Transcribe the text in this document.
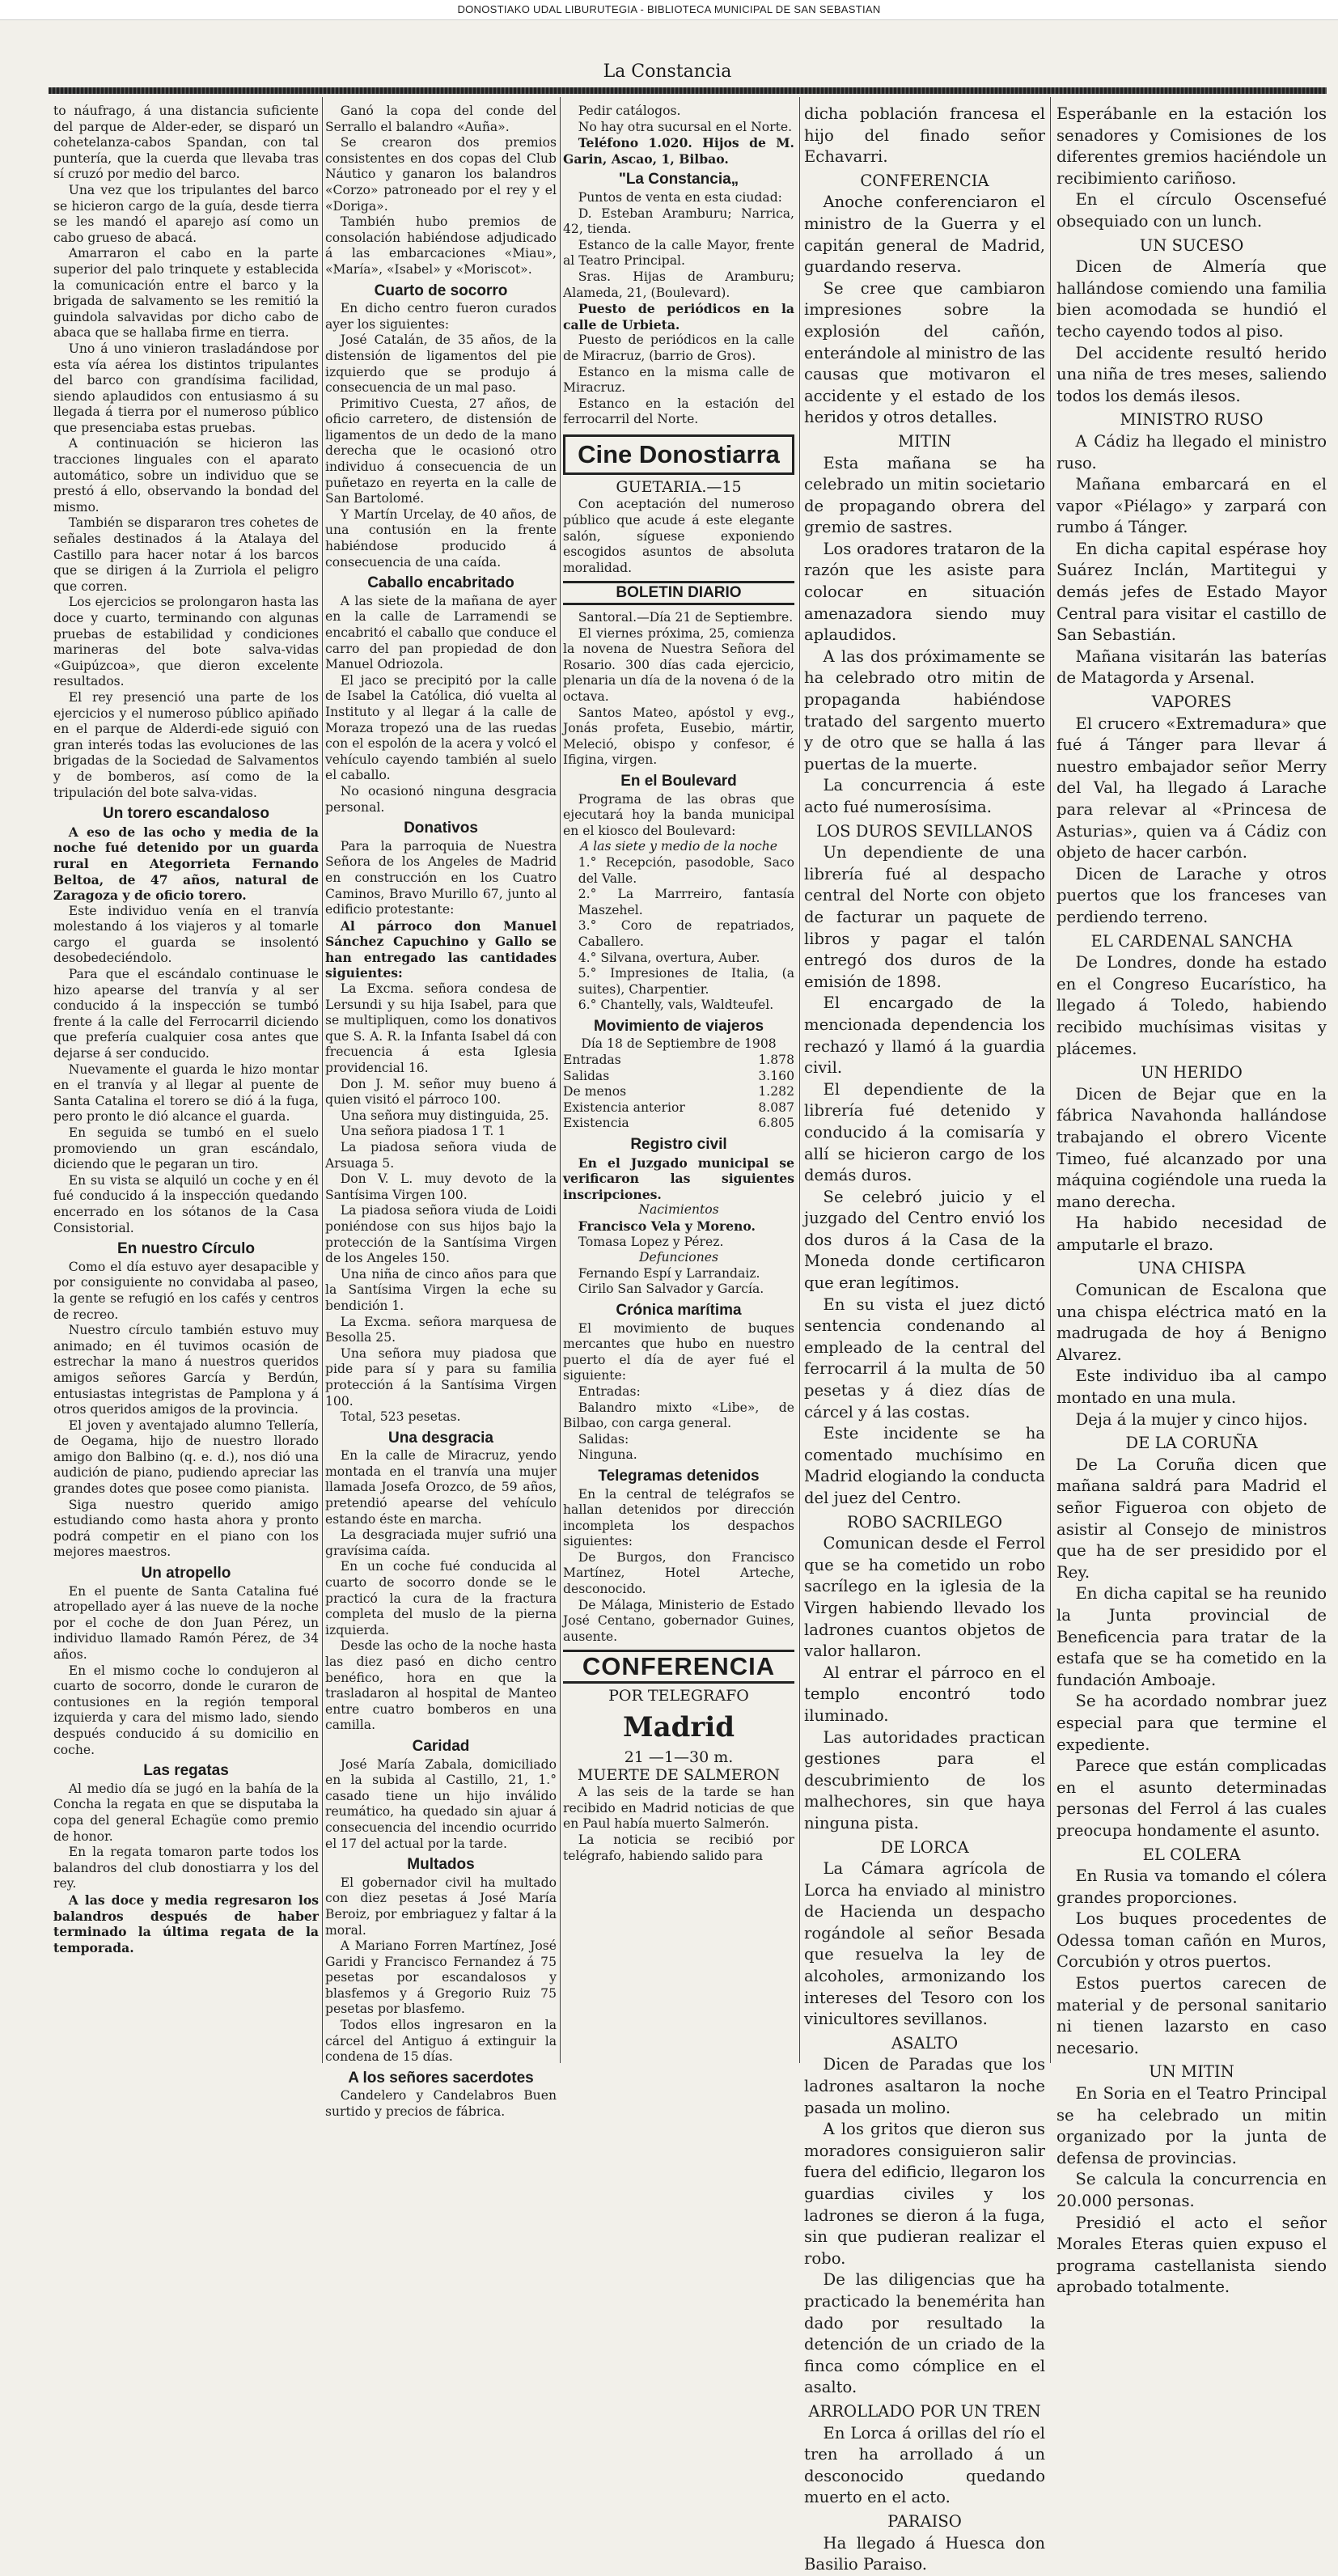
DONOSTIAKO UDAL LIBURUTEGIA - BIBLIOTECA MUNICIPAL DE SAN SEBASTIAN
La Constancia

to náufrago, á una distancia suficiente del parque de Alder-eder, se disparó un cohetelanza-cabos Spandan, con tal puntería, que la cuerda que llevaba tras sí cruzó por medio del barco.

Una vez que los tripulantes del barco se hicieron cargo de la guía, desde tierra se les mandó el aparejo así como un cabo grueso de abacá.

Amarraron el cabo en la parte superior del palo trinquete y establecida la comunicación entre el barco y la brigada de salvamento se les remitió la guindola salvavidas por dicho cabo de abaca que se hallaba firme en tierra.

Uno á uno vinieron trasladándose por esta vía aérea los distintos tripulantes del barco con grandísima facilidad, siendo aplaudidos con entusiasmo á su llegada á tierra por el numeroso público que presenciaba estas pruebas.

A continuación se hicieron las tracciones linguales con el aparato automático, sobre un individuo que se prestó á ello, observando la bondad del mismo.

También se dispararon tres cohetes de señales destinados á la Atalaya del Castillo para hacer notar á los barcos que se dirigen á la Zurriola el peligro que corren.

Los ejercicios se prolongaron hasta las doce y cuarto, terminando con algunas pruebas de estabilidad y condiciones marineras del bote salva-vidas «Guipúzcoa», que dieron excelente resultados.

El rey presenció una parte de los ejercicios y el numeroso público apiñado en el parque de Alderdi-ede siguió con gran interés todas las evoluciones de las brigadas de la Sociedad de Salvamentos y de bomberos, así como de la tripulación del bote salva-vidas.

Un torero escandaloso

A eso de las ocho y media de la noche fué detenido por un guarda rural en Ategorrieta Fernando Beltoa, de 47 años, natural de Zaragoza y de oficio torero.

Este individuo venía en el tranvía molestando á los viajeros y al tomarle cargo el guarda se insolentó desobedeciéndolo.

Para que el escándalo continuase le hizo apearse del tranvía y al ser conducido á la inspección se tumbó frente á la calle del Ferrocarril diciendo que prefería cualquier cosa antes que dejarse á ser conducido.

Nuevamente el guarda le hizo montar en el tranvía y al llegar al puente de Santa Catalina el torero se dió á la fuga, pero pronto le dió alcance el guarda.

En seguida se tumbó en el suelo promoviendo un gran escándalo, diciendo que le pegaran un tiro.

En su vista se alquiló un coche y en él fué conducido á la inspección quedando encerrado en los sótanos de la Casa Consistorial.

En nuestro Círculo

Como el día estuvo ayer desapacible y por consiguiente no convidaba al paseo, la gente se refugió en los cafés y centros de recreo.

Nuestro círculo también estuvo muy animado; en él tuvimos ocasión de estrechar la mano á nuestros queridos amigos señores García y Berdún, entusiastas integristas de Pamplona y á otros queridos amigos de la provincia.

El joven y aventajado alumno Tellería, de Oegama, hijo de nuestro llorado amigo don Balbino (q. e. d.), nos dió una audición de piano, pudiendo apreciar las grandes dotes que posee como pianista.

Siga nuestro querido amigo estudiando como hasta ahora y pronto podrá competir en el piano con los mejores maestros.

Un atropello

En el puente de Santa Catalina fué atropellado ayer á las nueve de la noche por el coche de don Juan Pérez, un individuo llamado Ramón Pérez, de 34 años.

En el mismo coche lo condujeron al cuarto de socorro, donde le curaron de contusiones en la región temporal izquierda y cara del mismo lado, siendo después conducido á su domicilio en coche.

Las regatas

Al medio día se jugó en la bahía de la Concha la regata en que se disputaba la copa del general Echagüe como premio de honor.

En la regata tomaron parte todos los balandros del club donostiarra y los del rey.

A las doce y media regresaron los balandros después de haber terminado la última regata de la temporada.

Ganó la copa del conde del Serrallo el balandro «Auña».

Se crearon dos premios consistentes en dos copas del Club Náutico y ganaron los balandros «Corzo» patroneado por el rey y el «Doriga».

También hubo premios de consolación habiéndose adjudicado á las embarcaciones «Miau», «María», «Isabel» y «Moriscot».

Cuarto de socorro

En dicho centro fueron curados ayer los siguientes:

José Catalán, de 35 años, de la distensión de ligamentos del pie izquierdo que se produjo á consecuencia de un mal paso.

Primitivo Cuesta, 27 años, de oficio carretero, de distensión de ligamentos de un dedo de la mano derecha que le ocasionó otro individuo á consecuencia de un puñetazo en reyerta en la calle de San Bartolomé.

Y Martín Urcelay, de 40 años, de una contusión en la frente habiéndose producido á consecuencia de una caída.

Caballo encabritado

A las siete de la mañana de ayer en la calle de Larramendi se encabritó el caballo que conduce el carro del pan propiedad de don Manuel Odriozola.

El jaco se precipitó por la calle de Isabel la Católica, dió vuelta al Instituto y al llegar á la calle de Moraza tropezó una de las ruedas con el espolón de la acera y volcó el vehículo cayendo también al suelo el caballo.

No ocasionó ninguna desgracia personal.

Donativos

Para la parroquia de Nuestra Señora de los Angeles de Madrid en construcción en los Cuatro Caminos, Bravo Murillo 67, junto al edificio protestante:

Al párroco don Manuel Sánchez Capuchino y Gallo se han entregado las cantidades siguientes:

La Excma. señora condesa de Lersundi y su hija Isabel, para que se multipliquen, como los donativos que S. A. R. la Infanta Isabel dá con frecuencia á esta Iglesia providencial 16.

Don J. M. señor muy bueno á quien visitó el párroco 100.

Una señora muy distinguida, 25.

Una señora piadosa 1 T. 1

La piadosa señora viuda de Arsuaga 5.

Don V. L. muy devoto de la Santísima Virgen 100.

La piadosa señora viuda de Loidi poniéndose con sus hijos bajo la protección de la Santísima Virgen de los Angeles 150.

Una niña de cinco años para que la Santísima Virgen la eche su bendición 1.

La Excma. señora marquesa de Besolla 25.

Una señora muy piadosa que pide para sí y para su familia protección á la Santísima Virgen 100.

Total, 523 pesetas.

Una desgracia

En la calle de Miracruz, yendo montada en el tranvía una mujer llamada Josefa Orozco, de 59 años, pretendió apearse del vehículo estando éste en marcha.

La desgraciada mujer sufrió una gravísima caída.

En un coche fué conducida al cuarto de socorro donde se le practicó la cura de la fractura completa del muslo de la pierna izquierda.

Desde las ocho de la noche hasta las diez pasó en dicho centro benéfico, hora en que la trasladaron al hospital de Manteo entre cuatro bomberos en una camilla.

Caridad

José María Zabala, domiciliado en la subida al Castillo, 21, 1.° casado tiene un hijo inválido reumático, ha quedado sin ajuar á consecuencia del incendio ocurrido el 17 del actual por la tarde.

Multados

El gobernador civil ha multado con diez pesetas á José María Beroiz, por embriaguez y faltar á la moral.

A Mariano Forren Martínez, José Garidi y Francisco Fernandez á 75 pesetas por escandalosos y blasfemos y á Gregorio Ruiz 75 pesetas por blasfemo.

Todos ellos ingresaron en la cárcel del Antiguo á extinguir la condena de 15 días.

A los señores sacerdotes

Candelero y Candelabros Buen surtido y precios de fábrica.

Pedir catálogos.

No hay otra sucursal en el Norte.

Teléfono 1.020. Hijos de M. Garin, Ascao, 1, Bilbao.

"La Constancia„

Puntos de venta en esta ciudad:

D. Esteban Aramburu; Narrica, 42, tienda.

Estanco de la calle Mayor, frente al Teatro Principal.

Sras. Hijas de Aramburu; Alameda, 21, (Boulevard).

Puesto de periódicos en la calle de Urbieta.

Puesto de periódicos en la calle de Miracruz, (barrio de Gros).

Estanco en la misma calle de Miracruz.

Estanco en la estación del ferrocarril del Norte.

Cine Donostiarra

GUETARIA.—15

Con aceptación del numeroso público que acude á este elegante salón, síguese exponiendo escogidos asuntos de absoluta moralidad.

BOLETIN DIARIO

Santoral.—Día 21 de Septiembre.

El viernes próxima, 25, comienza la novena de Nuestra Señora del Rosario. 300 días cada ejercicio, plenaria un día de la novena ó de la octava.

Santos Mateo, apóstol y evg., Jonás profeta, Eusebio, mártir, Meleció, obispo y confesor, é Ifigina, virgen.

En el Boulevard

Programa de las obras que ejecutará hoy la banda municipal en el kiosco del Boulevard:

A las siete y medio de la noche

1.° Recepción, pasodoble, Saco del Valle.

2.° La Marrreiro, fantasía Maszehel.

3.° Coro de repatriados, Caballero.

4.° Silvana, overtura, Auber.

5.° Impresiones de Italia, (a suites), Charpentier.

6.° Chantelly, vals, Waldteufel.

Movimiento de viajeros

Día 18 de Septiembre de 1908

Entradas	1.878
Salidas	3.160
De menos	1.282
Existencia anterior	8.087
Existencia	6.805
Registro civil

En el Juzgado municipal se verificaron las siguientes inscripciones.

Nacimientos

Francisco Vela y Moreno.

Tomasa Lopez y Pérez.

Defunciones

Fernando Espí y Larrandaiz.

Cirilo San Salvador y García.

Crónica marítima

El movimiento de buques mercantes que hubo en nuestro puerto el día de ayer fué el siguiente:

Entradas:

Balandro mixto «Libe», de Bilbao, con carga general.

Salidas:

Ninguna.

Telegramas detenidos

En la central de telégrafos se hallan detenidos por dirección incompleta los despachos siguientes:

De Burgos, don Francisco Martínez, Hotel Arteche, desconocido.

De Málaga, Ministerio de Estado José Centano, gobernador Guines, ausente.

CONFERENCIA

POR TELEGRAFO

Madrid

21 —1—30 m.

MUERTE DE SALMERON

A las seis de la tarde se han recibido en Madrid noticias de que en Paul había muerto Salmerón.

La noticia se recibió por telégrafo, habiendo salido para

dicha población francesa el hijo del finado señor Echavarri.

CONFERENCIA

Anoche conferenciaron el ministro de la Guerra y el capitán general de Madrid, guardando reserva.

Se cree que cambiaron impresiones sobre la explosión del cañón, enterándole al ministro de las causas que motivaron el accidente y el estado de los heridos y otros detalles.

MITIN

Esta mañana se ha celebrado un mitin societario de propagando obrera del gremio de sastres.

Los oradores trataron de la razón que les asiste para colocar en situación amenazadora siendo muy aplaudidos.

A las dos próximamente se ha celebrado otro mitin de propaganda habiéndose tratado del sargento muerto y de otro que se halla á las puertas de la muerte.

La concurrencia á este acto fué numerosísima.

LOS DUROS SEVILLANOS

Un dependiente de una librería fué al despacho central del Norte con objeto de facturar un paquete de libros y pagar el talón entregó dos duros de la emisión de 1898.

El encargado de la mencionada dependencia los rechazó y llamó á la guardia civil.

El dependiente de la librería fué detenido y conducido á la comisaría y allí se hicieron cargo de los demás duros.

Se celebró juicio y el juzgado del Centro envió los dos duros á la Casa de la Moneda donde certificaron que eran legítimos.

En su vista el juez dictó sentencia condenando al empleado de la central del ferrocarril á la multa de 50 pesetas y á diez días de cárcel y á las costas.

Este incidente se ha comentado muchísimo en Madrid elogiando la conducta del juez del Centro.

ROBO SACRILEGO

Comunican desde el Ferrol que se ha cometido un robo sacrílego en la iglesia de la Virgen habiendo llevado los ladrones cuantos objetos de valor hallaron.

Al entrar el párroco en el templo encontró todo iluminado.

Las autoridades practican gestiones para el descubrimiento de los malhechores, sin que haya ninguna pista.

DE LORCA

La Cámara agrícola de Lorca ha enviado al ministro de Hacienda un despacho rogándole al señor Besada que resuelva la ley de alcoholes, armonizando los intereses del Tesoro con los vinicultores sevillanos.

ASALTO

Dicen de Paradas que los ladrones asaltaron la noche pasada un molino.

A los gritos que dieron sus moradores consiguieron salir fuera del edificio, llegaron los guardias civiles y los ladrones se dieron á la fuga, sin que pudieran realizar el robo.

De las diligencias que ha practicado la benemérita han dado por resultado la detención de un criado de la finca como cómplice en el asalto.

ARROLLADO POR UN TREN

En Lorca á orillas del río el tren ha arrollado á un desconocido quedando muerto en el acto.

PARAISO

Ha llegado á Huesca don Basilio Paraiso.

Esperábanle en la estación los senadores y Comisiones de los diferentes gremios haciéndole un recibimiento cariñoso.

En el círculo Oscensefué obsequiado con un lunch.

UN SUCESO

Dicen de Almería que hallándose comiendo una familia bien acomodada se hundió el techo cayendo todos al piso.

Del accidente resultó herido una niña de tres meses, saliendo todos los demás ilesos.

MINISTRO RUSO

A Cádiz ha llegado el ministro ruso.

Mañana embarcará en el vapor «Piélago» y zarpará con rumbo á Tánger.

En dicha capital espérase hoy Suárez Inclán, Martitegui y demás jefes de Estado Mayor Central para visitar el castillo de San Sebastián.

Mañana visitarán las baterías de Matagorda y Arsenal.

VAPORES

El crucero «Extremadura» que fué á Tánger para llevar á nuestro embajador señor Merry del Val, ha llegado á Larache para relevar al «Princesa de Asturias», quien va á Cádiz con objeto de hacer carbón.

Dicen de Larache y otros puertos que los franceses van perdiendo terreno.

EL CARDENAL SANCHA

De Londres, donde ha estado en el Congreso Eucarístico, ha llegado á Toledo, habiendo recibido muchísimas visitas y plácemes.

UN HERIDO

Dicen de Bejar que en la fábrica Navahonda hallándose trabajando el obrero Vicente Timeo, fué alcanzado por una máquina cogiéndole una rueda la mano derecha.

Ha habido necesidad de amputarle el brazo.

UNA CHISPA

Comunican de Escalona que una chispa eléctrica mató en la madrugada de hoy á Benigno Alvarez.

Este individuo iba al campo montado en una mula.

Deja á la mujer y cinco hijos.

DE LA CORUÑA

De La Coruña dicen que mañana saldrá para Madrid el señor Figueroa con objeto de asistir al Consejo de ministros que ha de ser presidido por el Rey.

En dicha capital se ha reunido la Junta provincial de Beneficencia para tratar de la estafa que se ha cometido en la fundación Amboaje.

Se ha acordado nombrar juez especial para que termine el expediente.

Parece que están complicadas en el asunto determinadas personas del Ferrol á las cuales preocupa hondamente el asunto.

EL COLERA

En Rusia va tomando el cólera grandes proporciones.

Los buques procedentes de Odessa toman cañón en Muros, Corcubión y otros puertos.

Estos puertos carecen de material y de personal sanitario ni tienen lazarsto en caso necesario.

UN MITIN

En Soria en el Teatro Principal se ha celebrado un mitin organizado por la junta de defensa de provincias.

Se calcula la concurrencia en 20.000 personas.

Presidió el acto el señor Morales Eteras quien expuso el programa castellanista siendo aprobado totalmente.
